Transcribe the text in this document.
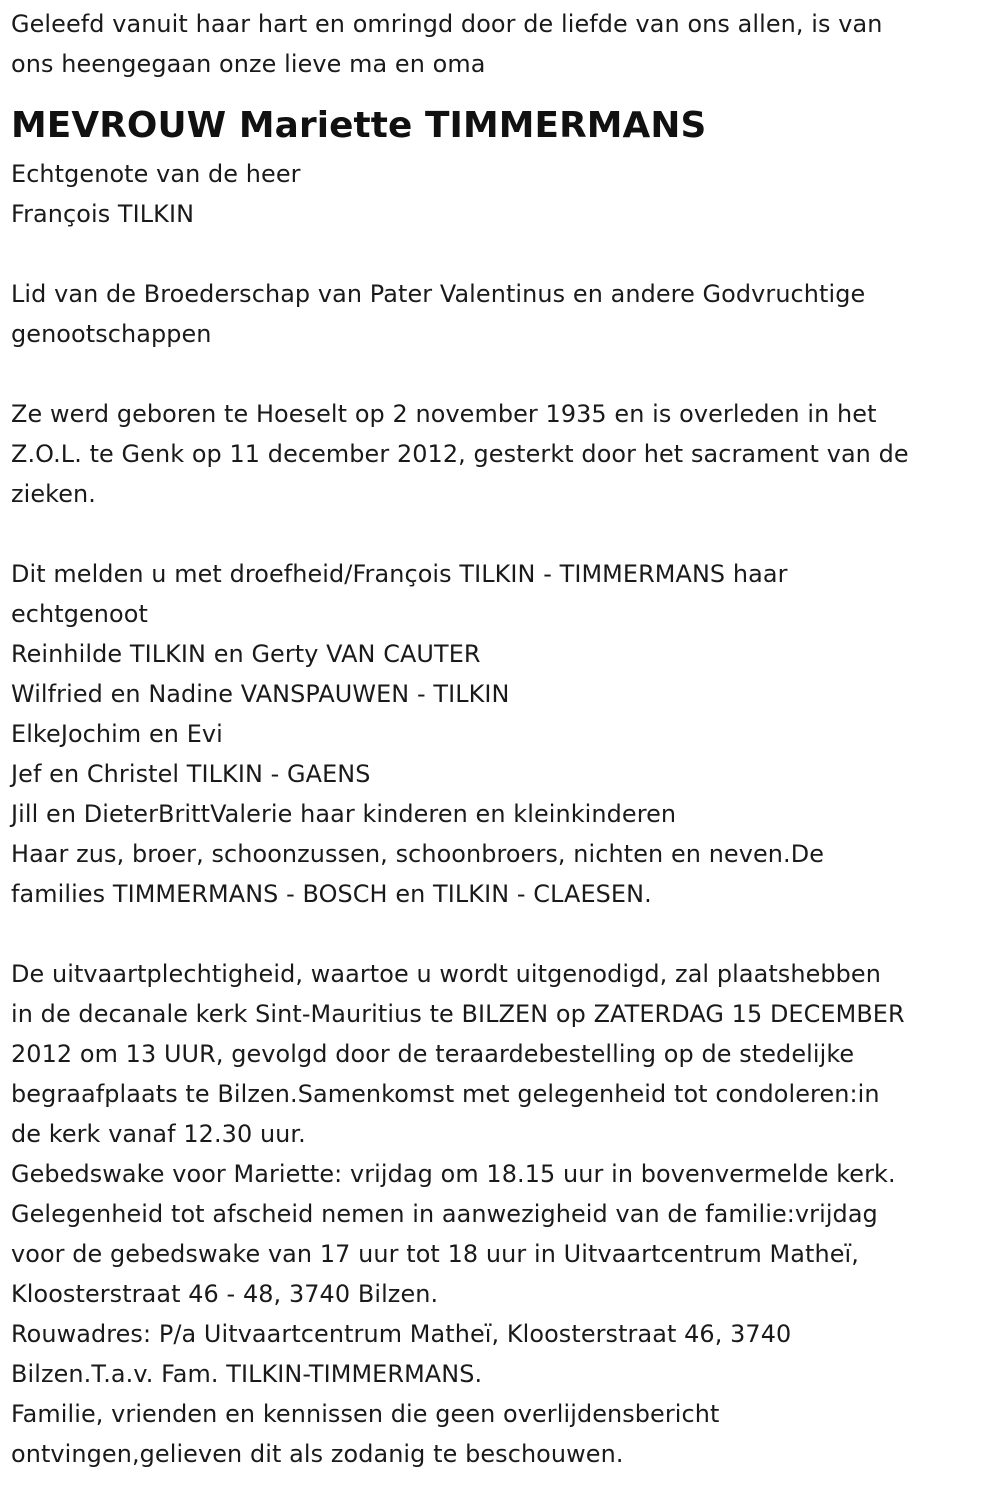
Geleefd vanuit haar hart en omringd door de liefde van ons allen, is van
ons heengegaan onze lieve ma en oma
MEVROUW Mariette TIMMERMANS
Echtgenote van de heer
François TILKIN
Lid van de Broederschap van Pater Valentinus en andere Godvruchtige
genootschappen
Ze werd geboren te Hoeselt op 2 november 1935 en is overleden in het
Z.O.L. te Genk op 11 december 2012, gesterkt door het sacrament van de
zieken.
Dit melden u met droefheid/François TILKIN - TIMMERMANS haar
echtgenoot
Reinhilde TILKIN en Gerty VAN CAUTER
Wilfried en Nadine VANSPAUWEN - TILKIN
ElkeJochim en Evi
Jef en Christel TILKIN - GAENS
Jill en DieterBrittValerie haar kinderen en kleinkinderen
Haar zus, broer, schoonzussen, schoonbroers, nichten en neven.De
families TIMMERMANS - BOSCH en TILKIN - CLAESEN.
De uitvaartplechtigheid, waartoe u wordt uitgenodigd, zal plaatshebben
in de decanale kerk Sint-Mauritius te BILZEN op ZATERDAG 15 DECEMBER
2012 om 13 UUR, gevolgd door de teraardebestelling op de stedelijke
begraafplaats te Bilzen.Samenkomst met gelegenheid tot condoleren:in
de kerk vanaf 12.30 uur.
Gebedswake voor Mariette: vrijdag om 18.15 uur in bovenvermelde kerk.
Gelegenheid tot afscheid nemen in aanwezigheid van de familie:vrijdag
voor de gebedswake van 17 uur tot 18 uur in Uitvaartcentrum Matheï,
Kloosterstraat 46 - 48, 3740 Bilzen.
Rouwadres: P/a Uitvaartcentrum Matheï, Kloosterstraat 46, 3740
Bilzen.T.a.v. Fam. TILKIN-TIMMERMANS.
Familie, vrienden en kennissen die geen overlijdensbericht
ontvingen,gelieven dit als zodanig te beschouwen.
